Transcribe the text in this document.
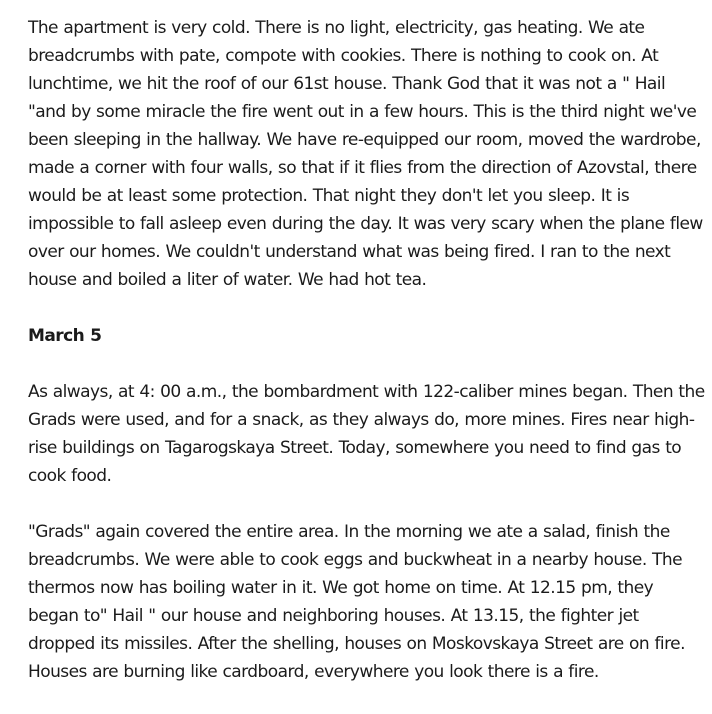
The apartment is very cold. There is no light, electricity, gas heating. We ate
breadcrumbs with pate, compote with cookies. There is nothing to cook on. At
lunchtime, we hit the roof of our 61st house. Thank God that it was not a " Hail
"and by some miracle the fire went out in a few hours. This is the third night we've
been sleeping in the hallway. We have re-equipped our room, moved the wardrobe,
made a corner with four walls, so that if it flies from the direction of Azovstal, there
would be at least some protection. That night they don't let you sleep. It is
impossible to fall asleep even during the day. It was very scary when the plane flew
over our homes. We couldn't understand what was being fired. I ran to the next
house and boiled a liter of water. We had hot tea.
March 5
As always, at 4: 00 a.m., the bombardment with 122-caliber mines began. Then the
Grads were used, and for a snack, as they always do, more mines. Fires near high-
rise buildings on Tagarogskaya Street. Today, somewhere you need to find gas to
cook food.
"Grads" again covered the entire area. In the morning we ate a salad, finish the
breadcrumbs. We were able to cook eggs and buckwheat in a nearby house. The
thermos now has boiling water in it. We got home on time. At 12.15 pm, they
began to" Hail " our house and neighboring houses. At 13.15, the fighter jet
dropped its missiles. After the shelling, houses on Moskovskaya Street are on fire.
Houses are burning like cardboard, everywhere you look there is a fire.
